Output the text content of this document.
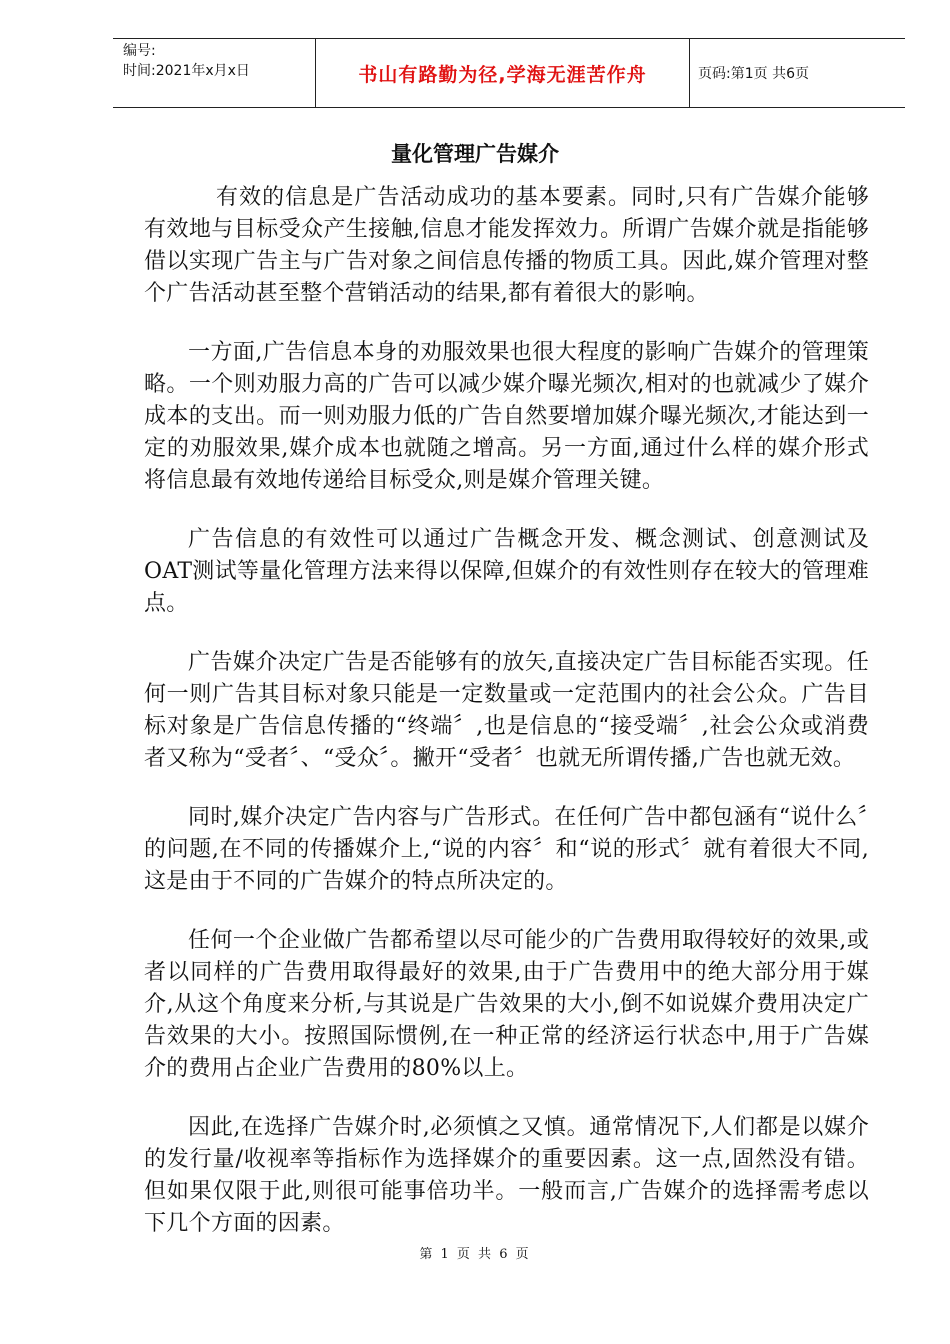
编号:
时间:2021年x月x日	书山有路勤为径,学海无涯苦作舟	页码:第1页 共6页
量化管理广告媒介

有效的信息是广告活动成功的基本要素。同时,只有广告媒介能够有效地与目标受众产生接触,信息才能发挥效力。所谓广告媒介就是指能够借以实现广告主与广告对象之间信息传播的物质工具。因此,媒介管理对整个广告活动甚至整个营销活动的结果,都有着很大的影响。

一方面,广告信息本身的劝服效果也很大程度的影响广告媒介的管理策略。一个则劝服力高的广告可以减少媒介曝光频次,相对的也就减少了媒介成本的支出。而一则劝服力低的广告自然要增加媒介曝光频次,才能达到一定的劝服效果,媒介成本也就随之增高。另一方面,通过什么样的媒介形式将信息最有效地传递给目标受众,则是媒介管理关键。

广告信息的有效性可以通过广告概念开发、概念测试、创意测试及OAT测试等量化管理方法来得以保障,但媒介的有效性则存在较大的管理难点。

广告媒介决定广告是否能够有的放矢,直接决定广告目标能否实现。任何一则广告其目标对象只能是一定数量或一定范围内的社会公众。广告目标对象是广告信息传播的“终端〞,也是信息的“接受端〞,社会公众或消费者又称为“受者〞、“受众〞。撇开“受者〞也就无所谓传播,广告也就无效。

同时,媒介决定广告内容与广告形式。在任何广告中都包涵有“说什么〞的问题,在不同的传播媒介上,“说的内容〞和“说的形式〞就有着很大不同,这是由于不同的广告媒介的特点所决定的。

任何一个企业做广告都希望以尽可能少的广告费用取得较好的效果,或者以同样的广告费用取得最好的效果,由于广告费用中的绝大部分用于媒介,从这个角度来分析,与其说是广告效果的大小,倒不如说媒介费用决定广告效果的大小。按照国际惯例,在一种正常的经济运行状态中,用于广告媒介的费用占企业广告费用的80%以上。

因此,在选择广告媒介时,必须慎之又慎。通常情况下,人们都是以媒介的发行量/收视率等指标作为选择媒介的重要因素。这一点,固然没有错。但如果仅限于此,则很可能事倍功半。一般而言,广告媒介的选择需考虑以下几个方面的因素。

第 1 页 共 6 页
